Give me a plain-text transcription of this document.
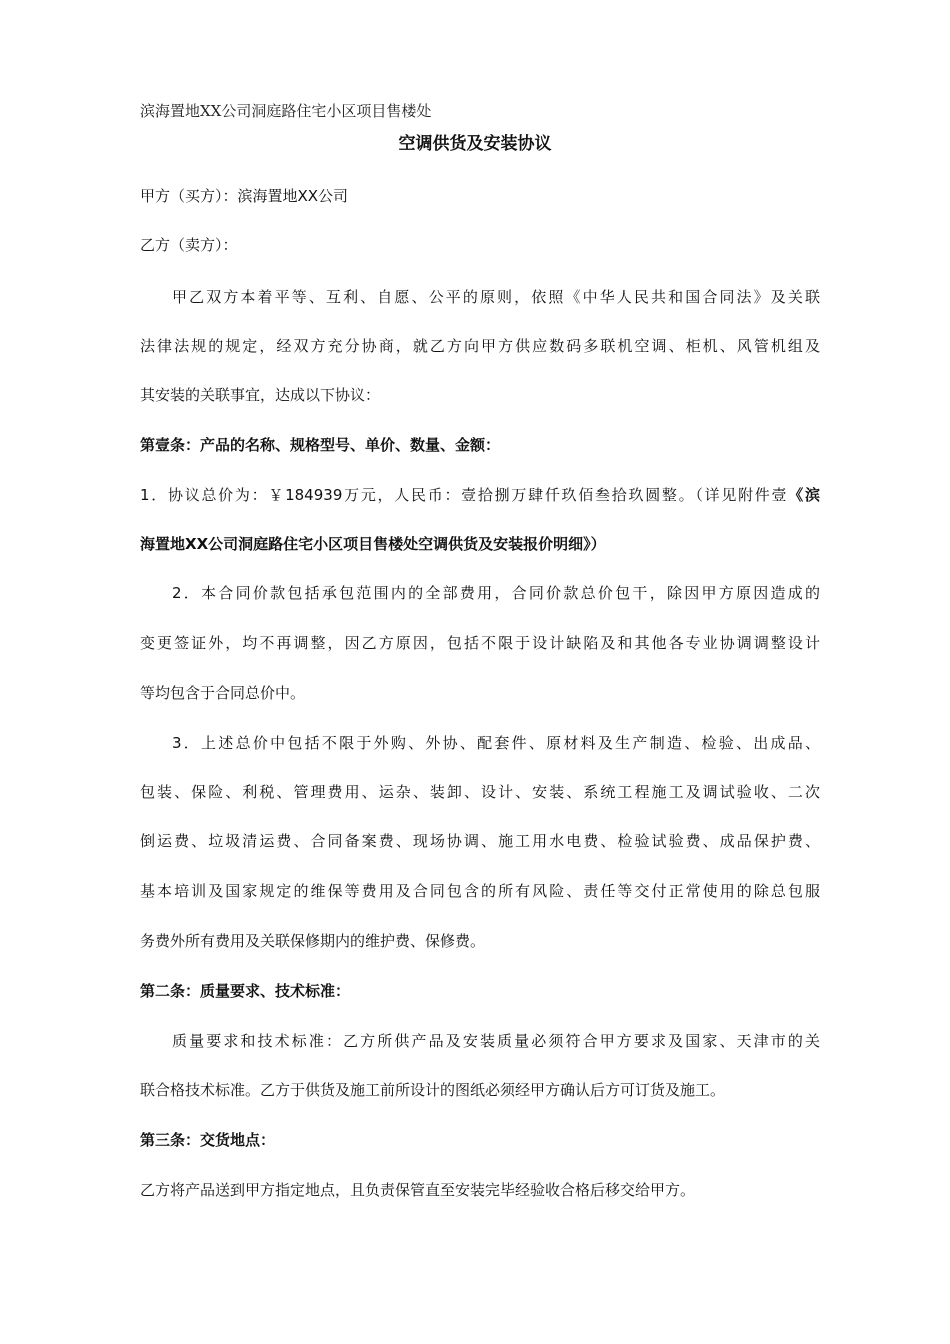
滨海置地XX公司洞庭路住宅小区项目售楼处
空调供货及安装协议
甲方（买方）：滨海置地XX公司
乙方（卖方）：
甲乙双方本着平等、互利、自愿、公平的原则，依照《中华人民共和国合同法》及关联
法律法规的规定，经双方充分协商，就乙方向甲方供应数码多联机空调、柜机、风管机组及
其安装的关联事宜，达成以下协议：
第壹条：产品的名称、规格型号、单价、数量、金额：
1．协议总价为：￥184939万元，人民币：壹拾捌万肆仟玖佰叁拾玖圆整。（详见附件壹《滨
海置地XX公司洞庭路住宅小区项目售楼处空调供货及安装报价明细》）
2．本合同价款包括承包范围内的全部费用，合同价款总价包干，除因甲方原因造成的
变更签证外，均不再调整，因乙方原因，包括不限于设计缺陷及和其他各专业协调调整设计
等均包含于合同总价中。
3．上述总价中包括不限于外购、外协、配套件、原材料及生产制造、检验、出成品、
包装、保险、利税、管理费用、运杂、装卸、设计、安装、系统工程施工及调试验收、二次
倒运费、垃圾清运费、合同备案费、现场协调、施工用水电费、检验试验费、成品保护费、
基本培训及国家规定的维保等费用及合同包含的所有风险、责任等交付正常使用的除总包服
务费外所有费用及关联保修期内的维护费、保修费。
第二条：质量要求、技术标准：
质量要求和技术标准：乙方所供产品及安装质量必须符合甲方要求及国家、天津市的关
联合格技术标准。乙方于供货及施工前所设计的图纸必须经甲方确认后方可订货及施工。
第三条：交货地点：
乙方将产品送到甲方指定地点，且负责保管直至安装完毕经验收合格后移交给甲方。
